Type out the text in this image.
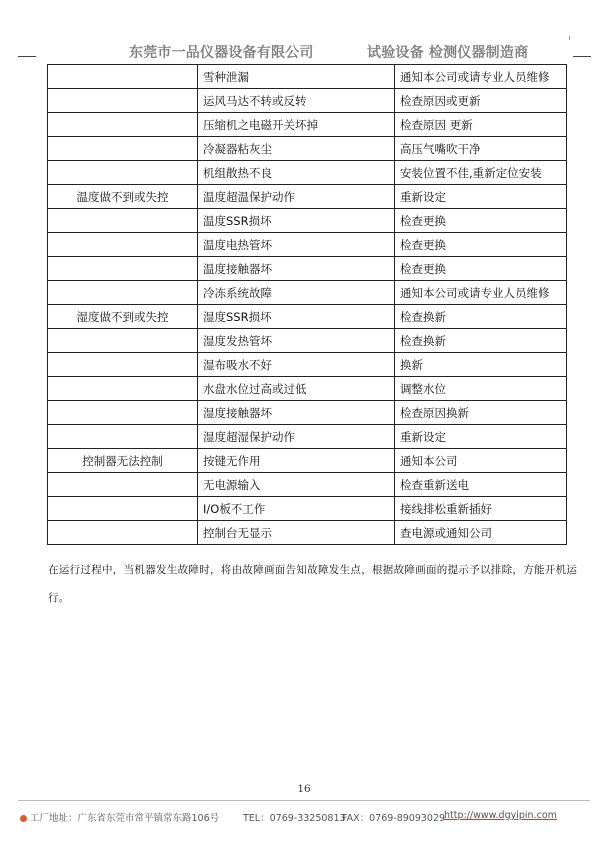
东莞市一品仪器设备有限公司	试验设备 检测仪器制造商
	雪种泄漏	通知本公司或请专业人员维修
	运风马达不转或反转	检查原因或更新
	压缩机之电磁开关坏掉	检查原因 更新
	冷凝器粘灰尘	高压气嘴吹干净
	机组散热不良	安装位置不佳,重新定位安装
温度做不到或失控	温度超温保护动作	重新设定
	温度SSR损坏	检查更换
	温度电热管坏	检查更换
	温度接触器坏	检查更换
	冷冻系统故障	通知本公司或请专业人员维修
湿度做不到或失控	湿度SSR损坏	检查换新
	湿度发热管坏	检查换新
	湿布吸水不好	换新
	水盘水位过高或过低	调整水位
	湿度接触器坏	检查原因换新
	湿度超湿保护动作	重新设定
控制器无法控制	按键无作用	通知本公司
	无电源输入	检查重新送电
	I/O板不工作	接线排松重新插好
	控制台无显示	查电源或通知公司

在运行过程中，当机器发生故障时，将由故障画面告知故障发生点，根据故障画面的提示予以排除，方能开机运行。

16
工厂地址：广东省东莞市常平镇常东路106号	TEL：0769-33250813
FAX：0769-89093029
http://www.dgyipin.com
